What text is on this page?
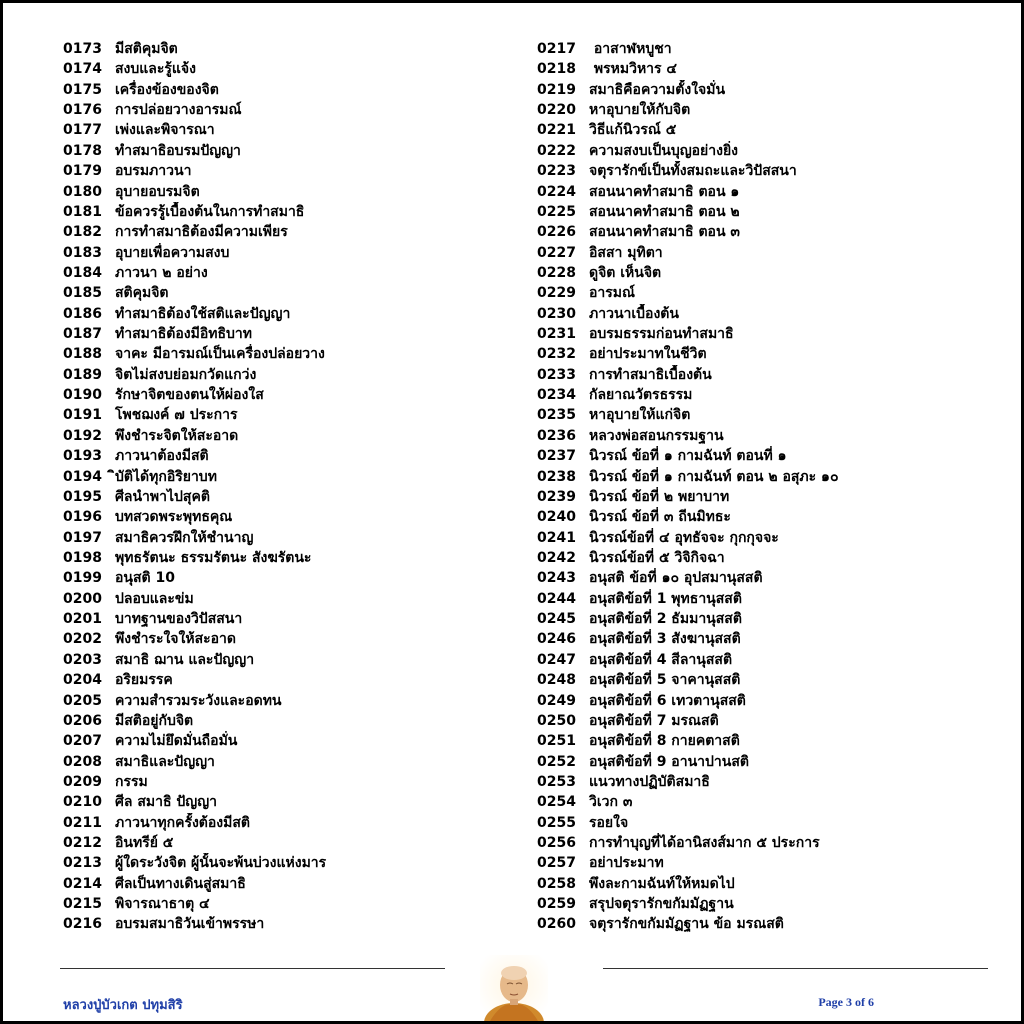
0173 มีสติคุมจิต
0174 สงบและรู้แจ้ง
0175 เครื่องข้องของจิต
0176 การปล่อยวางอารมณ์
0177 เพ่งและพิจารณา
0178 ทำสมาธิอบรมปัญญา
0179 อบรมภาวนา
0180 อุบายอบรมจิต
0181 ข้อควรรู้เบื้องต้นในการทำสมาธิ
0182 การทำสมาธิต้องมีความเพียร
0183 อุบายเพื่อความสงบ
0184 ภาวนา ๒ อย่าง
0185 สติคุมจิต
0186 ทำสมาธิต้องใช้สติและปัญญา
0187 ทำสมาธิต้องมีอิทธิบาท
0188 จาคะ มีอารมณ์เป็นเครื่องปล่อยวาง
0189 จิตไม่สงบย่อมกวัดแกว่ง
0190 รักษาจิตของตนให้ผ่องใส
0191 โพชฌงค์ ๗ ประการ
0192 พึงชำระจิตให้สะอาด
0193 ภาวนาต้องมีสติ
0194 ิบัติได้ทุกอิริยาบท
0195 ศีลนำพาไปสุคติ
0196 บทสวดพระพุทธคุณ
0197 สมาธิควรฝึกให้ชำนาญ
0198 พุทธรัตนะ ธรรมรัตนะ สังฆรัตนะ
0199 อนุสติ 10
0200 ปลอบและข่ม
0201 บาทฐานของวิปัสสนา
0202 พึงชำระใจให้สะอาด
0203 สมาธิ ฌาน และปัญญา
0204 อริยมรรค
0205 ความสำรวมระวังและอดทน
0206 มีสติอยู่กับจิต
0207 ความไม่ยึดมั่นถือมั่น
0208 สมาธิและปัญญา
0209 กรรม
0210 ศีล สมาธิ ปัญญา
0211 ภาวนาทุกครั้งต้องมีสติ
0212 อินทรีย์ ๕
0213 ผู้ใดระวังจิต ผู้นั้นจะพ้นบ่วงแห่งมาร
0214 ศีลเป็นทางเดินสู่สมาธิ
0215 พิจารณาธาตุ ๔
0216 อบรมสมาธิวันเข้าพรรษา
0217 อาสาฬหบูชา
0218 พรหมวิหาร ๔
0219 สมาธิคือความตั้งใจมั่น
0220 หาอุบายให้กับจิต
0221 วิธีแก้นิวรณ์ ๕
0222 ความสงบเป็นบุญอย่างยิ่ง
0223 จตุรารักข์เป็นทั้งสมถะและวิปัสสนา
0224 สอนนาคทำสมาธิ ตอน ๑
0225 สอนนาคทำสมาธิ ตอน ๒
0226 สอนนาคทำสมาธิ ตอน ๓
0227 อิสสา มุทิตา
0228 ดูจิต เห็นจิต
0229 อารมณ์
0230 ภาวนาเบื้องต้น
0231 อบรมธรรมก่อนทำสมาธิ
0232 อย่าประมาทในชีวิต
0233 การทำสมาธิเบื้องต้น
0234 กัลยาณวัตรธรรม
0235 หาอุบายให้แก่จิต
0236 หลวงพ่อสอนกรรมฐาน
0237 นิวรณ์ ข้อที่ ๑ กามฉันท์ ตอนที่ ๑
0238 นิวรณ์ ข้อที่ ๑ กามฉันท์ ตอน ๒ อสุภะ ๑๐
0239 นิวรณ์ ข้อที่ ๒ พยาบาท
0240 นิวรณ์ ข้อที่ ๓ ถีนมิทธะ
0241 นิวรณ์ข้อที่ ๔ อุทธัจจะ กุกกุจจะ
0242 นิวรณ์ข้อที่ ๕ วิจิกิจฉา
0243 อนุสติ ข้อที่ ๑๐ อุปสมานุสสติ
0244 อนุสติข้อที่ 1 พุทธานุสสติ
0245 อนุสติข้อที่ 2 ธัมมานุสสติ
0246 อนุสติข้อที่ 3 สังฆานุสสติ
0247 อนุสติข้อที่ 4 สีลานุสสติ
0248 อนุสติข้อที่ 5 จาคานุสสติ
0249 อนุสติข้อที่ 6 เทวตานุสสติ
0250 อนุสติข้อที่ 7 มรณสติ
0251 อนุสติข้อที่ 8 กายคตาสติ
0252 อนุสติข้อที่ 9 อานาปานสติ
0253 แนวทางปฏิบัติสมาธิ
0254 วิเวก ๓
0255 รอยใจ
0256 การทำบุญที่ได้อานิสงส์มาก ๕ ประการ
0257 อย่าประมาท
0258 พึงละกามฉันท์ให้หมดไป
0259 สรุปจตุรารักขกัมมัฏฐาน
0260 จตุรารักขกัมมัฏฐาน ข้อ มรณสติ
หลวงปู่บัวเกต ปทุมสิริ	Page 3 of 6
